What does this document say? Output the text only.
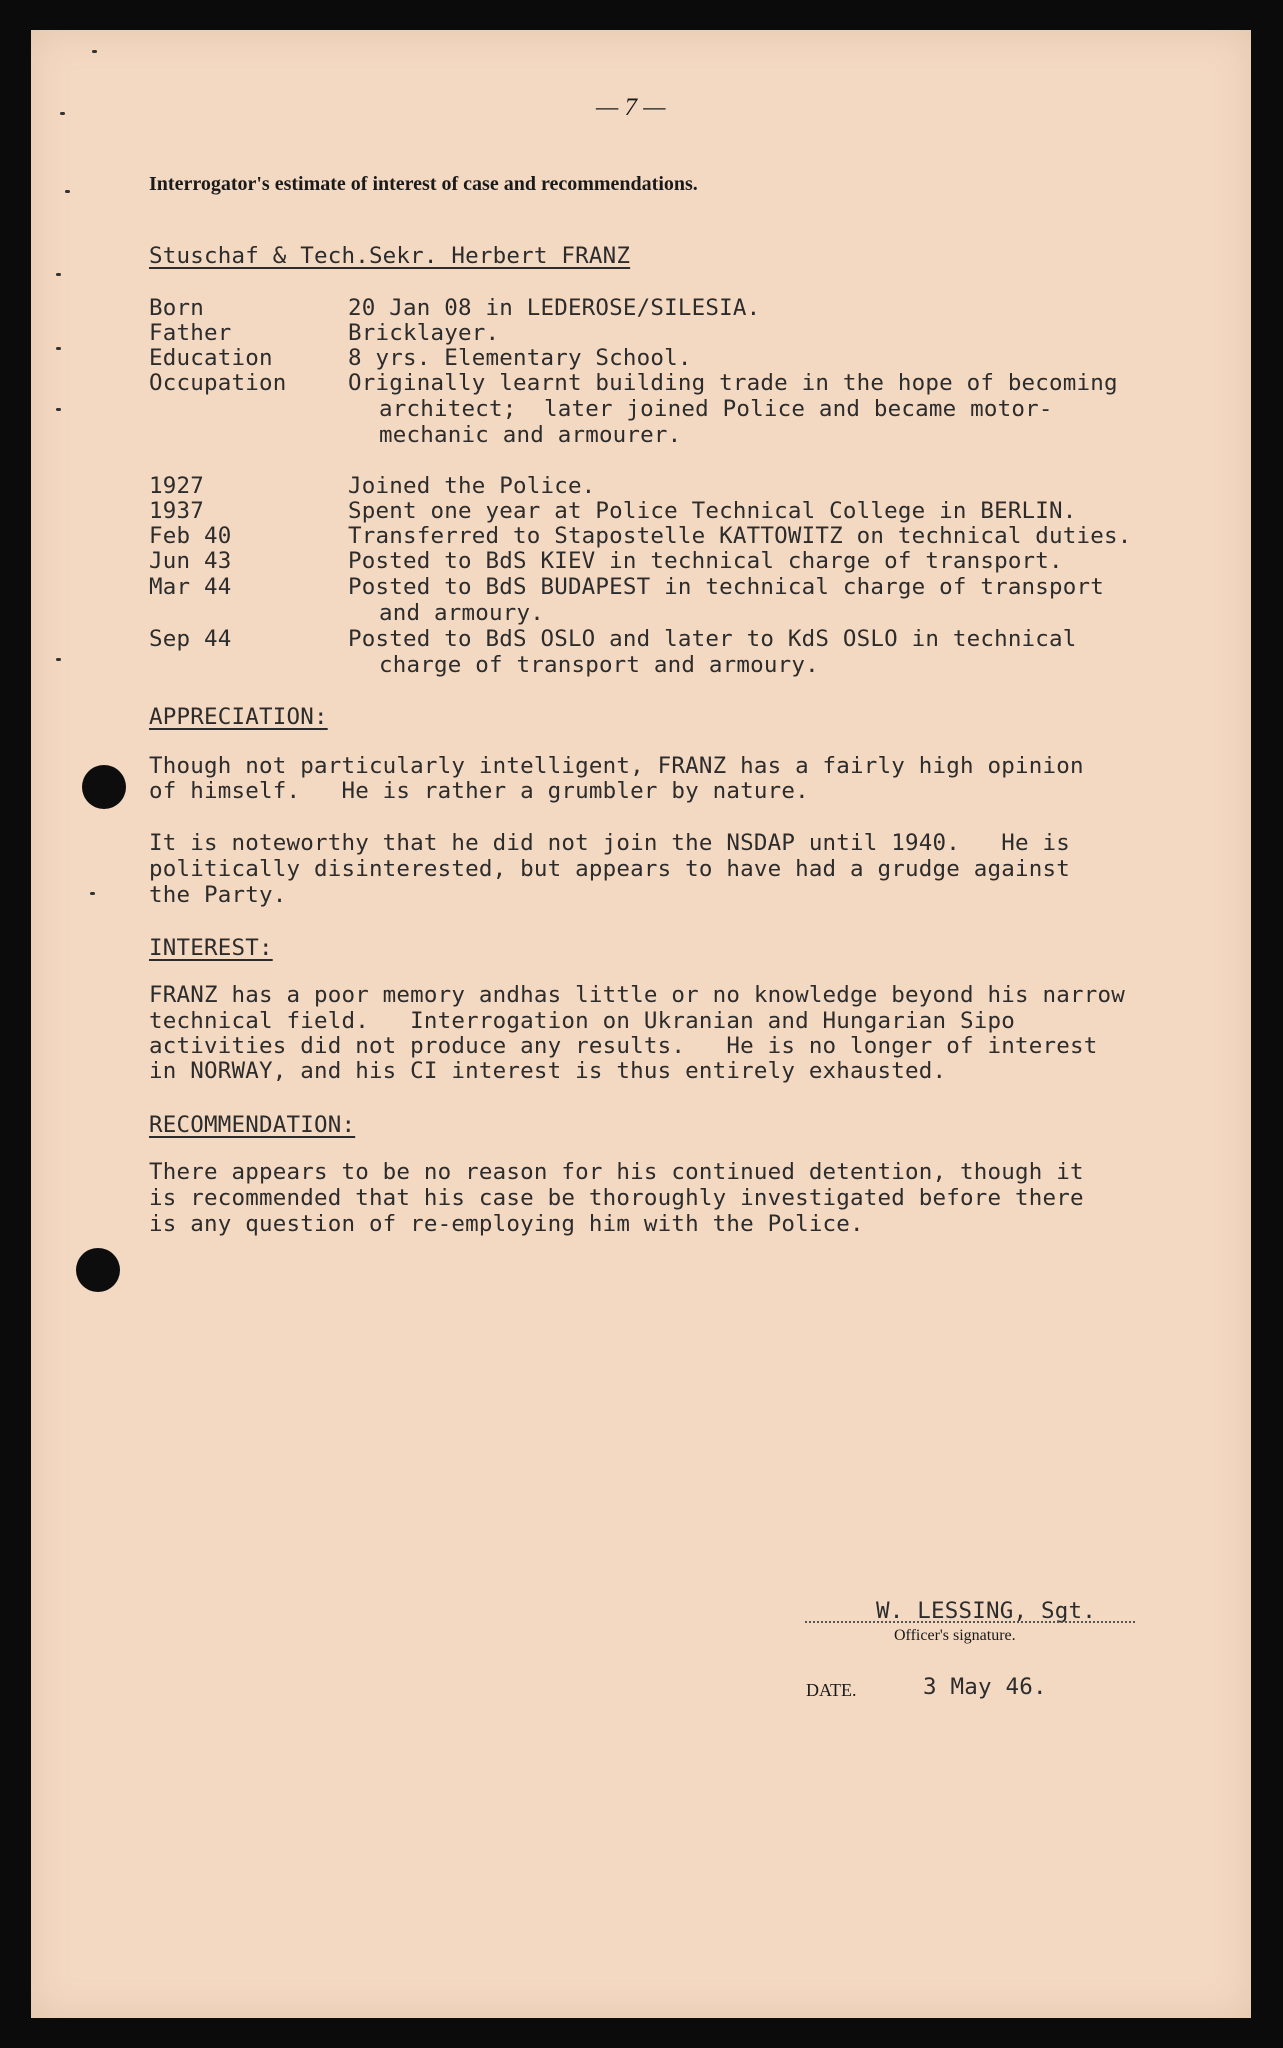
— 7 —

Interrogator's estimate of interest of case and recommendations.

Stuschaf & Tech.Sekr. Herbert FRANZ

Born	20 Jan 08 in LEDEROSE/SILESIA.

Father	Bricklayer.

Education	8 yrs. Elementary School.

Occupation	Originally learnt building trade in the hope of becoming

architect;  later joined Police and became motor-

mechanic and armourer.

1927	Joined the Police.

1937	Spent one year at Police Technical College in BERLIN.

Feb 40	Transferred to Stapostelle KATTOWITZ on technical duties.

Jun 43	Posted to BdS KIEV in technical charge of transport.

Mar 44	Posted to BdS BUDAPEST in technical charge of transport

and armoury.

Sep 44	Posted to BdS OSLO and later to KdS OSLO in technical

charge of transport and armoury.

APPRECIATION:

Though not particularly intelligent, FRANZ has a fairly high opinion

of himself.   He is rather a grumbler by nature.

It is noteworthy that he did not join the NSDAP until 1940.   He is

politically disinterested, but appears to have had a grudge against

the Party.

INTEREST:

FRANZ has a poor memory andhas little or no knowledge beyond his narrow

technical field.   Interrogation on Ukranian and Hungarian Sipo

activities did not produce any results.   He is no longer of interest

in NORWAY, and his CI interest is thus entirely exhausted.

RECOMMENDATION:

There appears to be no reason for his continued detention, though it

is recommended that his case be thoroughly investigated before there

is any question of re-employing him with the Police.

W. LESSING, Sgt.

Officer's signature.

DATE.	3 May 46.
